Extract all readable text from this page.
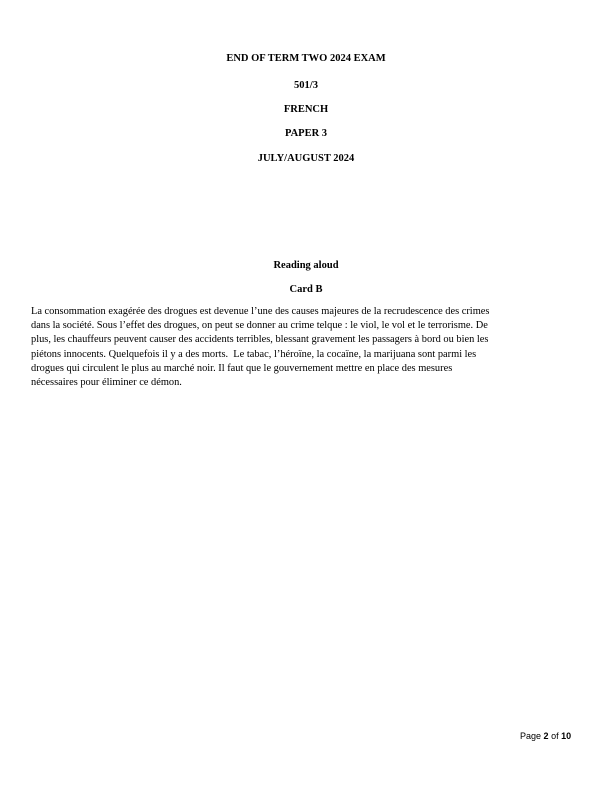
END OF TERM TWO 2024 EXAM
501/3
FRENCH
PAPER 3
JULY/AUGUST 2024
Reading aloud
Card B

La consommation exagérée des drogues est devenue l’une des causes majeures de la recrudescence des crimes

dans la société. Sous l’effet des drogues, on peut se donner au crime telque : le viol, le vol et le terrorisme. De

plus, les chauffeurs peuvent causer des accidents terribles, blessant gravement les passagers à bord ou bien les

piétons innocents. Quelquefois il y a des morts.  Le tabac, l’héroïne, la cocaïne, la marijuana sont parmi les

drogues qui circulent le plus au marché noir. Il faut que le gouvernement mettre en place des mesures

nécessaires pour éliminer ce démon.

Page 2 of 10
